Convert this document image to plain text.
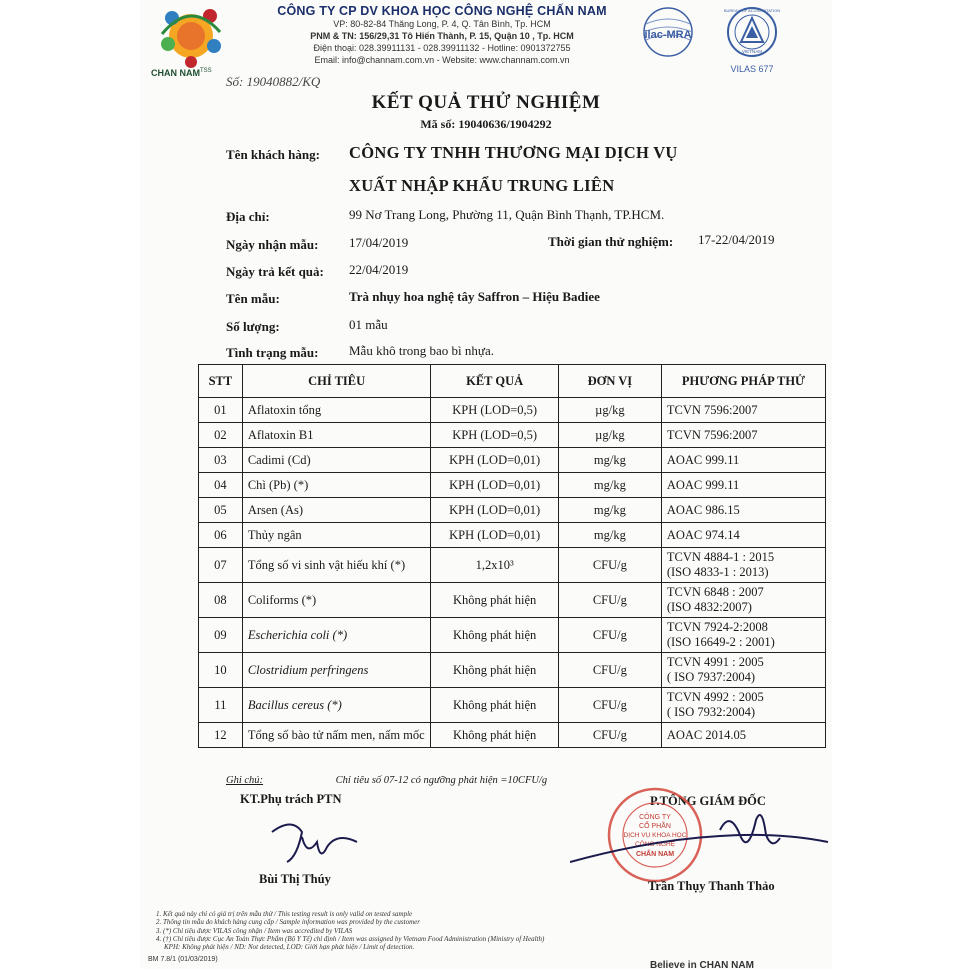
CHAN $NAM^{TSS}$
CÔNG TY CP DV KHOA HỌC CÔNG NGHỆ CHẤN NAM
VP: 80-82-84 Thăng Long, P. 4, Q. Tân Bình, Tp. HCM
PNM & TN: 156/29,31 Tô Hiến Thành, P. 15, Quận 10 , Tp. HCM
Điện thoại: 028.39911131 - 028.39911132 - Hotline: 0901372755
Email: info@channam.com.vn - Website: www.channam.com.vn
ilac-MRA
BUREAU OF ACCREDITATION
VIETNAM
VILAS 677
Số: 19040882/KQ
KẾT QUẢ THỬ NGHIỆM
Mã số: 19040636/1904292
Tên khách hàng: CÔNG TY TNHH THƯƠNG MẠI DỊCH VỤ
XUẤT NHẬP KHẨU TRUNG LIÊN
Địa chỉ:	99 Nơ Trang Long, Phường 11, Quận Bình Thạnh, TP.HCM.
Ngày nhận mẫu: 17/04/2019	Thời gian thử nghiệm: 17-22/04/2019
Ngày trả kết quả: 22/04/2019
Tên mẫu:	Trà nhụy hoa nghệ tây Saffron – Hiệu Badiee
Số lượng:	01 mẫu
Tình trạng mẫu: Mẫu khô trong bao bì nhựa.
STT	CHỈ TIÊU	KẾT QUẢ	ĐƠN VỊ	PHƯƠNG PHÁP THỬ
01	Aflatoxin tổng	KPH (LOD=0,5)	µg/kg	TCVN 7596:2007

02	Aflatoxin B1	KPH (LOD=0,5)	µg/kg	TCVN 7596:2007

03	Cadimi (Cd)	KPH (LOD=0,01)	mg/kg	AOAC 999.11

04	Chì (Pb) (*)	KPH (LOD=0,01)	mg/kg	AOAC 999.11

05	Arsen (As)	KPH (LOD=0,01)	mg/kg	AOAC 986.15

06	Thủy ngân	KPH (LOD=0,01)	mg/kg	AOAC 974.14

07	Tổng số vi sinh vật hiếu khí (*)	1,2x10³	CFU/g	TCVN 4884-1 : 2015
(ISO 4833-1 : 2013)

08	Coliforms (*)	Không phát hiện	CFU/g	TCVN 6848 : 2007
(ISO 4832:2007)

09	Escherichia coli (*)	Không phát hiện	CFU/g	TCVN 7924-2:2008
(ISO 16649-2 : 2001)

10	Clostridium perfringens	Không phát hiện	CFU/g	TCVN 4991 : 2005
( ISO 7937:2004)

11	Bacillus cereus (*)	Không phát hiện	CFU/g	TCVN 4992 : 2005
( ISO 7932:2004)

12	Tổng số bào tử nấm men, nấm mốc	Không phát hiện	CFU/g	AOAC 2014.05
Ghi chú:	Chỉ tiêu số 07-12 có ngưỡng phát hiện =10CFU/g
KT.Phụ trách PTN
Bùi Thị Thúy
P.TỔNG GIÁM ĐỐC
CÔNG TY
CỔ PHẦN
DỊCH VỤ KHOA HỌC
CÔNG NGHỆ
CHẤN NAM
Trần Thụy Thanh Thảo
1. Kết quả này chỉ có giá trị trên mẫu thử / This testing result is only valid on tested sample
2. Thông tin mẫu do khách hàng cung cấp / Sample information was provided by the customer
3. (*) Chỉ tiêu được VILAS công nhận / Item was accredited by VILAS
4. (†) Chỉ tiêu được Cục An Toàn Thực Phẩm (Bộ Y Tế) chỉ định / Item was assigned by Vietnam Food Administration (Ministry of Health)
KPH: Không phát hiện / ND: Not detected, LOD: Giới hạn phát hiện / Limit of detection.
BM 7.8/1 (01/03/2019)
Believe in CHAN NAM
